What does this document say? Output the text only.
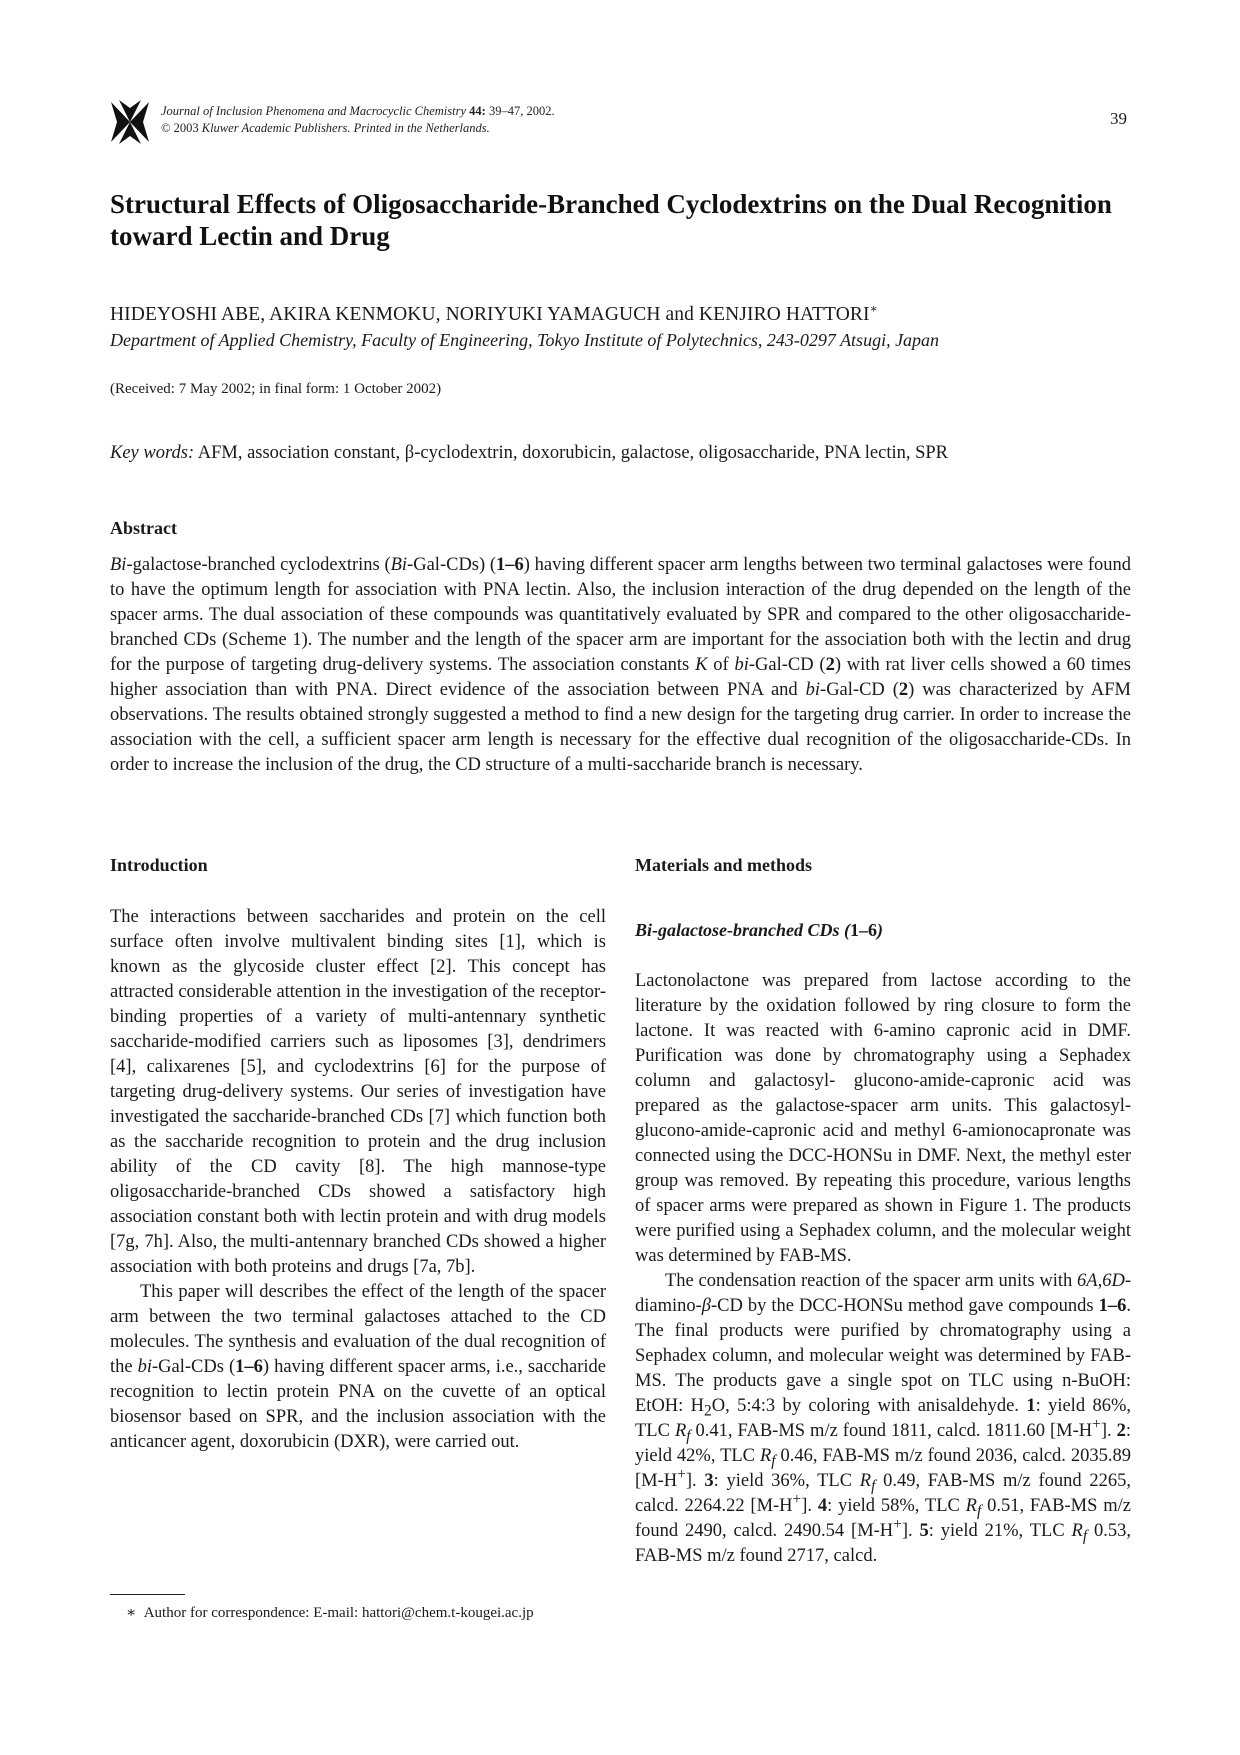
Journal of Inclusion Phenomena and Macrocyclic Chemistry 44: 39–47, 2002.
© 2003 Kluwer Academic Publishers. Printed in the Netherlands.	39
Structural Effects of Oligosaccharide-Branched Cyclodextrins on the Dual Recognition toward Lectin and Drug
HIDEYOSHI ABE, AKIRA KENMOKU, NORIYUKI YAMAGUCH and KENJIRO HATTORI∗
Department of Applied Chemistry, Faculty of Engineering, Tokyo Institute of Polytechnics, 243-0297 Atsugi, Japan
(Received: 7 May 2002; in final form: 1 October 2002)
Key words: AFM, association constant, β-cyclodextrin, doxorubicin, galactose, oligosaccharide, PNA lectin, SPR
Abstract

Bi-galactose-branched cyclodextrins (Bi-Gal-CDs) (1–6) having different spacer arm lengths between two terminal galactoses were found to have the optimum length for association with PNA lectin. Also, the inclusion interaction of the drug depended on the length of the spacer arms. The dual association of these compounds was quantitatively evaluated by SPR and compared to the other oligosaccharide-branched CDs (Scheme 1). The number and the length of the spacer arm are important for the association both with the lectin and drug for the purpose of targeting drug-delivery systems. The association constants K of bi-Gal-CD (2) with rat liver cells showed a 60 times higher association than with PNA. Direct evidence of the association between PNA and bi-Gal-CD (2) was characterized by AFM observations. The results obtained strongly suggested a method to find a new design for the targeting drug carrier. In order to increase the association with the cell, a sufficient spacer arm length is necessary for the effective dual recognition of the oligosaccharide-CDs. In order to increase the inclusion of the drug, the CD structure of a multi-saccharide branch is necessary.

Introduction

The interactions between saccharides and protein on the cell surface often involve multivalent binding sites [1], which is known as the glycoside cluster effect [2]. This concept has attracted considerable attention in the investigation of the receptor-binding properties of a variety of multi-antennary synthetic saccharide-modified carriers such as liposomes [3], dendrimers [4], calixarenes [5], and cyclodextrins [6] for the purpose of targeting drug-delivery systems. Our series of investigation have investigated the saccharide-branched CDs [7] which function both as the saccharide recognition to protein and the drug inclusion ability of the CD cavity [8]. The high mannose-type oligosaccharide-branched CDs showed a satisfactory high association constant both with lectin protein and with drug models [7g, 7h]. Also, the multi-antennary branched CDs showed a higher association with both proteins and drugs [7a, 7b].

This paper will describes the effect of the length of the spacer arm between the two terminal galactoses attached to the CD molecules. The synthesis and evaluation of the dual recognition of the bi-Gal-CDs (1–6) having different spacer arms, i.e., saccharide recognition to lectin protein PNA on the cuvette of an optical biosensor based on SPR, and the inclusion association with the anticancer agent, doxorubicin (DXR), were carried out.

Materials and methods
Bi-galactose-branched CDs (1–6)

Lactonolactone was prepared from lactose according to the literature by the oxidation followed by ring closure to form the lactone. It was reacted with 6-amino capronic acid in DMF. Purification was done by chromatography using a Sephadex column and galactosyl- glucono-amide-capronic acid was prepared as the galactose-spacer arm units. This galactosyl- glucono-amide-capronic acid and methyl 6-amionocapronate was connected using the DCC-HONSu in DMF. Next, the methyl ester group was removed. By repeating this procedure, various lengths of spacer arms were prepared as shown in Figure 1. The products were purified using a Sephadex column, and the molecular weight was determined by FAB-MS.

The condensation reaction of the spacer arm units with 6A,6D-diamino-β-CD by the DCC-HONSu method gave compounds 1–6. The final products were purified by chromatography using a Sephadex column, and molecular weight was determined by FAB-MS. The products gave a single spot on TLC using n-BuOH: EtOH: $H_2O$, 5:4:3 by coloring with anisaldehyde. 1: yield 86%, TLC $R_f$ 0.41, FAB-MS m/z found 1811, calcd. 1811.60 [M-H+]. 2: yield 42%, TLC $R_f$ 0.46, FAB-MS m/z found 2036, calcd. 2035.89 [M-H+]. 3: yield 36%, TLC $R_f$ 0.49, FAB-MS m/z found 2265, calcd. 2264.22 [M-H+]. 4: yield 58%, TLC $R_f$ 0.51, FAB-MS m/z found 2490, calcd. 2490.54 [M-H+]. 5: yield 21%, TLC $R_f$ 0.53, FAB-MS m/z found 2717, calcd.

∗ Author for correspondence: E-mail: hattori@chem.t-kougei.ac.jp
